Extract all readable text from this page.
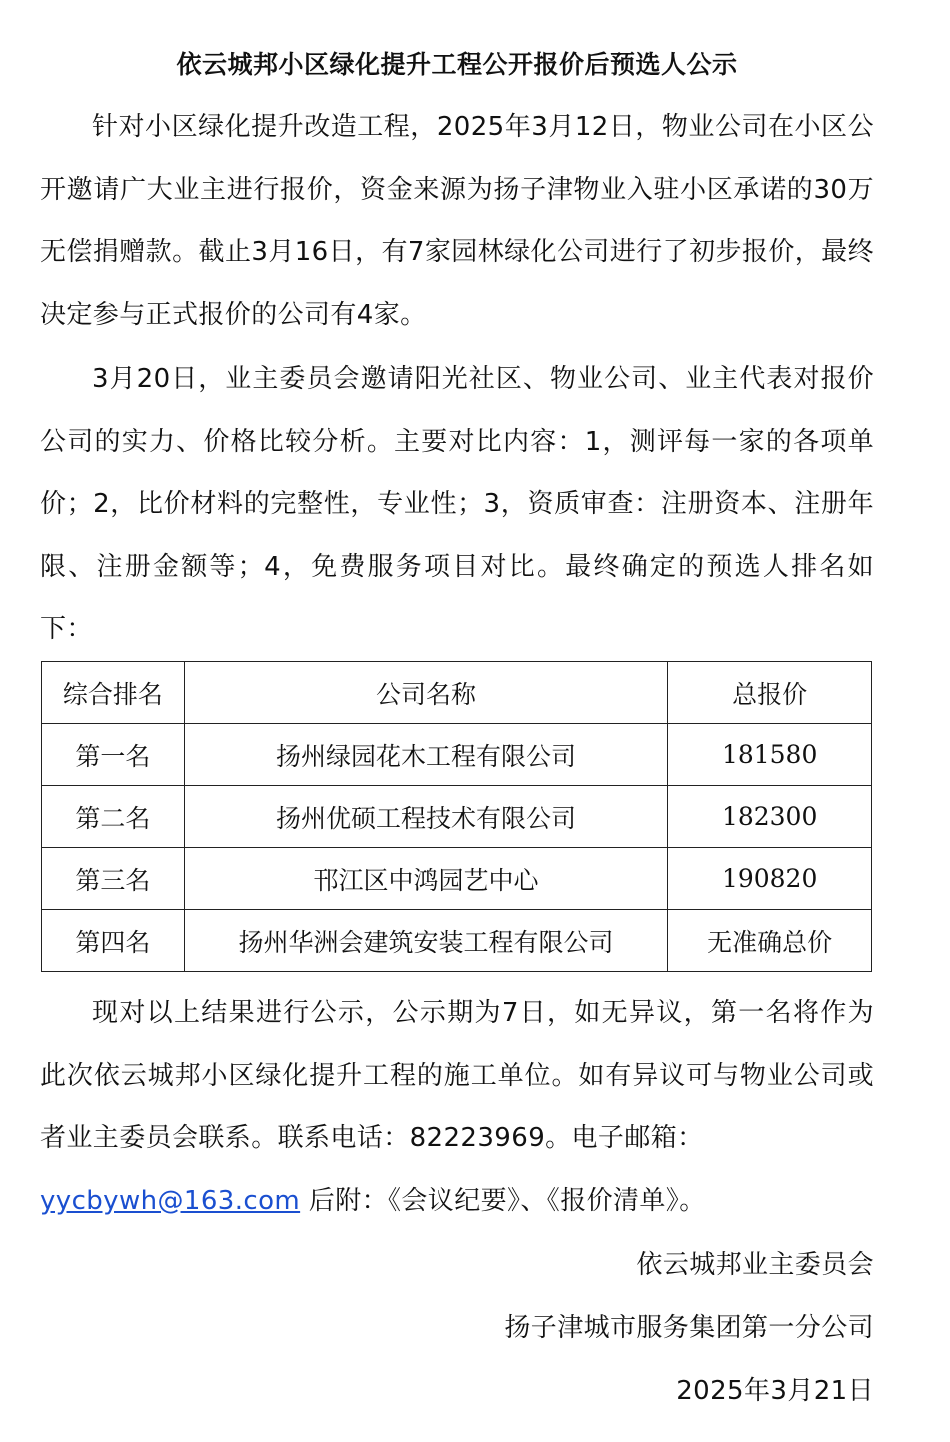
依云城邦小区绿化提升工程公开报价后预选人公示

针对小区绿化提升改造工程，2025年3月12日，物业公司在小区公开邀请广大业主进行报价，资金来源为扬子津物业入驻小区承诺的30万无偿捐赠款。截止3月16日，有7家园林绿化公司进行了初步报价，最终决定参与正式报价的公司有4家。

3月20日，业主委员会邀请阳光社区、物业公司、业主代表对报价公司的实力、价格比较分析。主要对比内容：1，测评每一家的各项单价；2，比价材料的完整性，专业性；3，资质审查：注册资本、注册年限、注册金额等；4，免费服务项目对比。最终确定的预选人排名如下：

综合排名	公司名称	总报价
第一名	扬州绿园花木工程有限公司	181580
第二名	扬州优硕工程技术有限公司	182300
第三名	邗江区中鸿园艺中心	190820
第四名	扬州华洲会建筑安装工程有限公司	无准确总价

现对以上结果进行公示，公示期为7日，如无异议，第一名将作为此次依云城邦小区绿化提升工程的施工单位。如有异议可与物业公司或者业主委员会联系。联系电话：82223969。电子邮箱：
yycbywh@163.com 后附：《会议纪要》、《报价清单》。

依云城邦业主委员会
扬子津城市服务集团第一分公司
2025年3月21日
